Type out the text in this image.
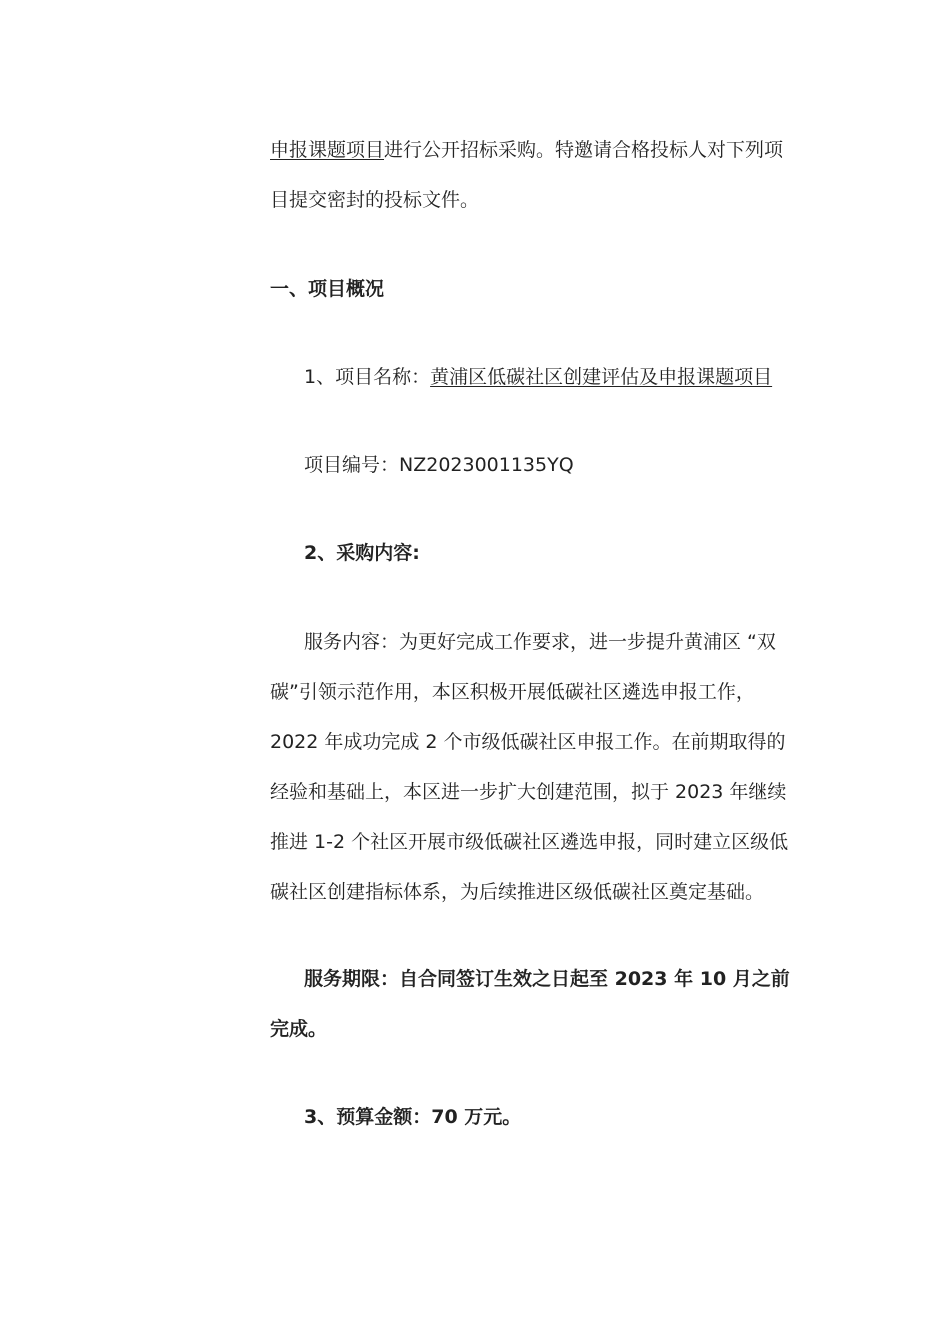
申报课题项目进行公开招标采购。特邀请合格投标人对下列项
目提交密封的投标文件。
一、项目概况
1、项目名称：黄浦区低碳社区创建评估及申报课题项目
项目编号：NZ2023001135YQ
2、采购内容:
服务内容：为更好完成工作要求，进一步提升黄浦区 “双
碳”引领示范作用，本区积极开展低碳社区遴选申报工作，
2022 年成功完成 2 个市级低碳社区申报工作。在前期取得的
经验和基础上，本区进一步扩大创建范围，拟于 2023 年继续
推进 1-2 个社区开展市级低碳社区遴选申报，同时建立区级低
碳社区创建指标体系，为后续推进区级低碳社区奠定基础。
服务期限：自合同签订生效之日起至 2023 年 10 月之前
完成。
3、预算金额：70 万元。
